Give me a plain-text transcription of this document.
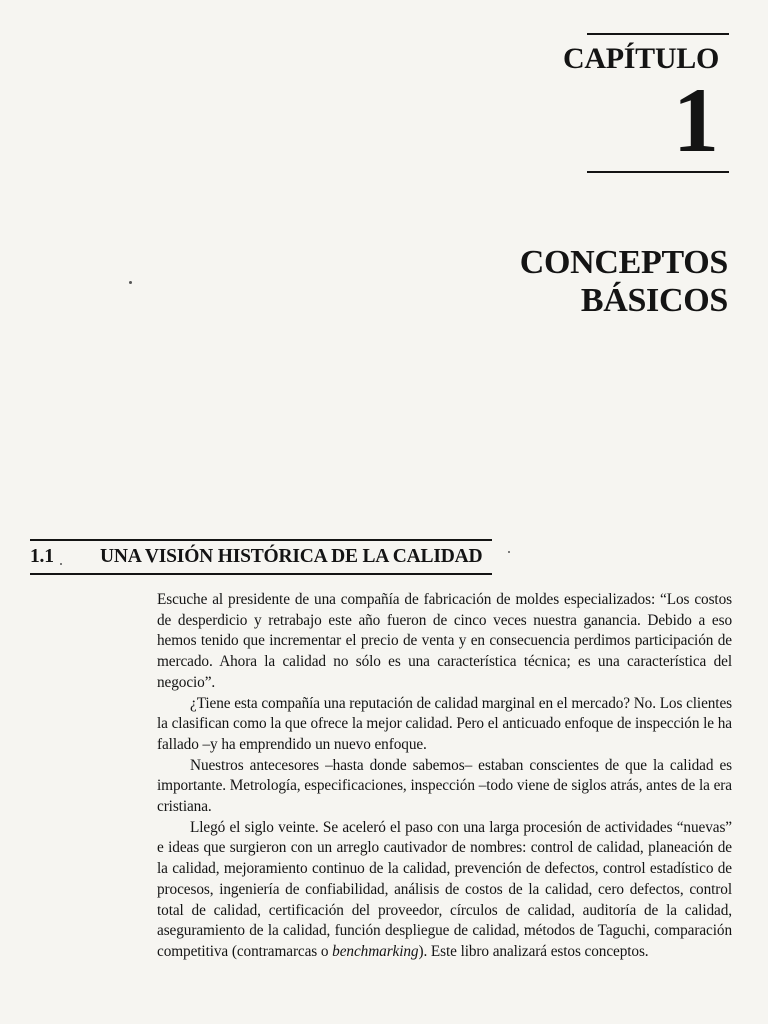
CAPÍTULO
1
CONCEPTOS
BÁSICOS
1.1 UNA VISIÓN HISTÓRICA DE LA CALIDAD

Escuche al presidente de una compañía de fabricación de moldes especializados: “Los costos de desperdicio y retrabajo este año fueron de cinco veces nuestra ganancia. Debido a eso hemos tenido que incrementar el precio de venta y en consecuencia perdimos participación de mercado. Ahora la calidad no sólo es una característica técnica; es una característica del negocio”.

¿Tiene esta compañía una reputación de calidad marginal en el mercado? No. Los clientes la clasifican como la que ofrece la mejor calidad. Pero el anticuado enfoque de inspección le ha fallado –y ha emprendido un nuevo enfoque.

Nuestros antecesores –hasta donde sabemos– estaban conscientes de que la calidad es importante. Metrología, especificaciones, inspección –todo viene de siglos atrás, antes de la era cristiana.

Llegó el siglo veinte. Se aceleró el paso con una larga procesión de actividades “nuevas” e ideas que surgieron con un arreglo cautivador de nombres: control de calidad, planeación de la calidad, mejoramiento continuo de la calidad, prevención de defectos, control estadístico de procesos, ingeniería de confiabilidad, análisis de costos de la calidad, cero defectos, control total de calidad, certificación del proveedor, círculos de calidad, auditoría de la calidad, aseguramiento de la calidad, función despliegue de calidad, métodos de Taguchi, comparación competitiva (contramarcas o benchmarking). Este libro analizará estos conceptos.
